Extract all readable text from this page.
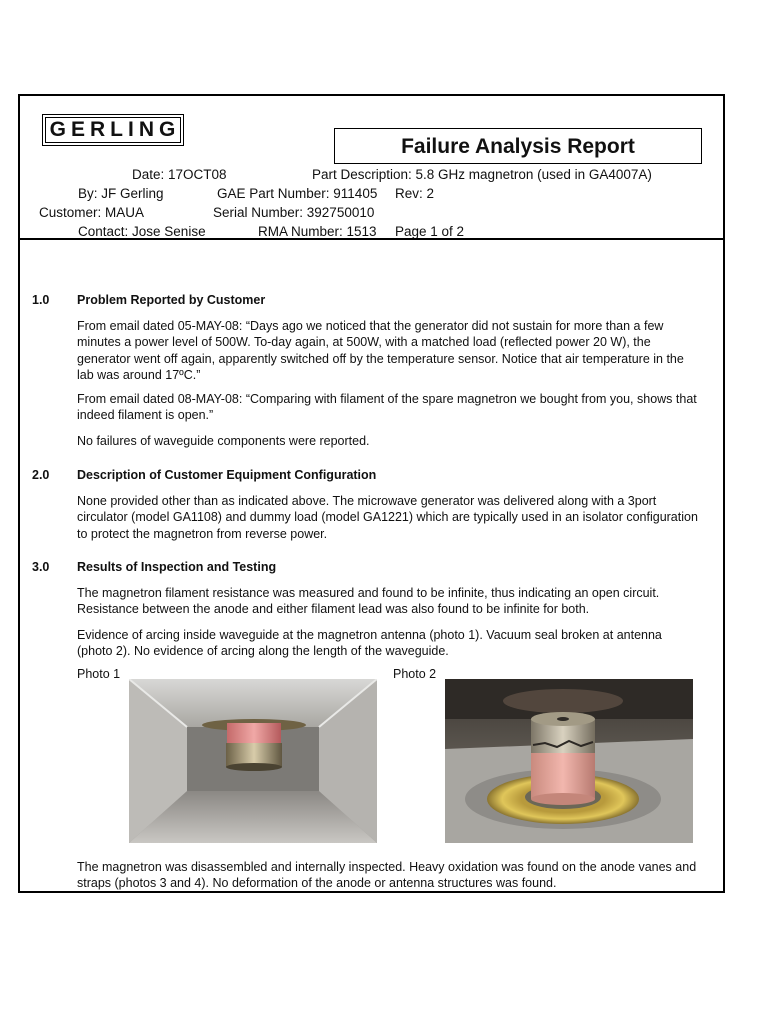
GERLING
Failure Analysis Report
Date: 17OCT08	Part Description: 5.8 GHz magnetron (used in GA4007A)
By: JF Gerling	GAE Part Number: 911405 Rev: 2
Customer: MAUA	Serial Number: 392750010
Contact: Jose Senise	RMA Number: 1513 Page 1 of 2
1.0 Problem Reported by Customer
From email dated 05-MAY-08: “Days ago we noticed that the generator did not sustain for more than a few minutes a power level of 500W. To-day again, at 500W, with a matched load (reflected power 20 W), the generator went off again, apparently switched off by the temperature sensor. Notice that air temperature in the lab was around 17ºC.”
From email dated 08-MAY-08: “Comparing with filament of the spare magnetron we bought from you, shows that indeed filament is open.”
No failures of waveguide components were reported.
2.0 Description of Customer Equipment Configuration
None provided other than as indicated above. The microwave generator was delivered along with a 3port circulator (model GA1108) and dummy load (model GA1221) which are typically used in an isolator configuration to protect the magnetron from reverse power.
3.0 Results of Inspection and Testing
The magnetron filament resistance was measured and found to be infinite, thus indicating an open circuit. Resistance between the anode and either filament lead was also found to be infinite for both.
Evidence of arcing inside waveguide at the magnetron antenna (photo 1). Vacuum seal broken at antenna (photo 2). No evidence of arcing along the length of the waveguide.
Photo 1	Photo 2
The magnetron was disassembled and internally inspected. Heavy oxidation was found on the anode vanes and straps (photos 3 and 4). No deformation of the anode or antenna structures was found.
